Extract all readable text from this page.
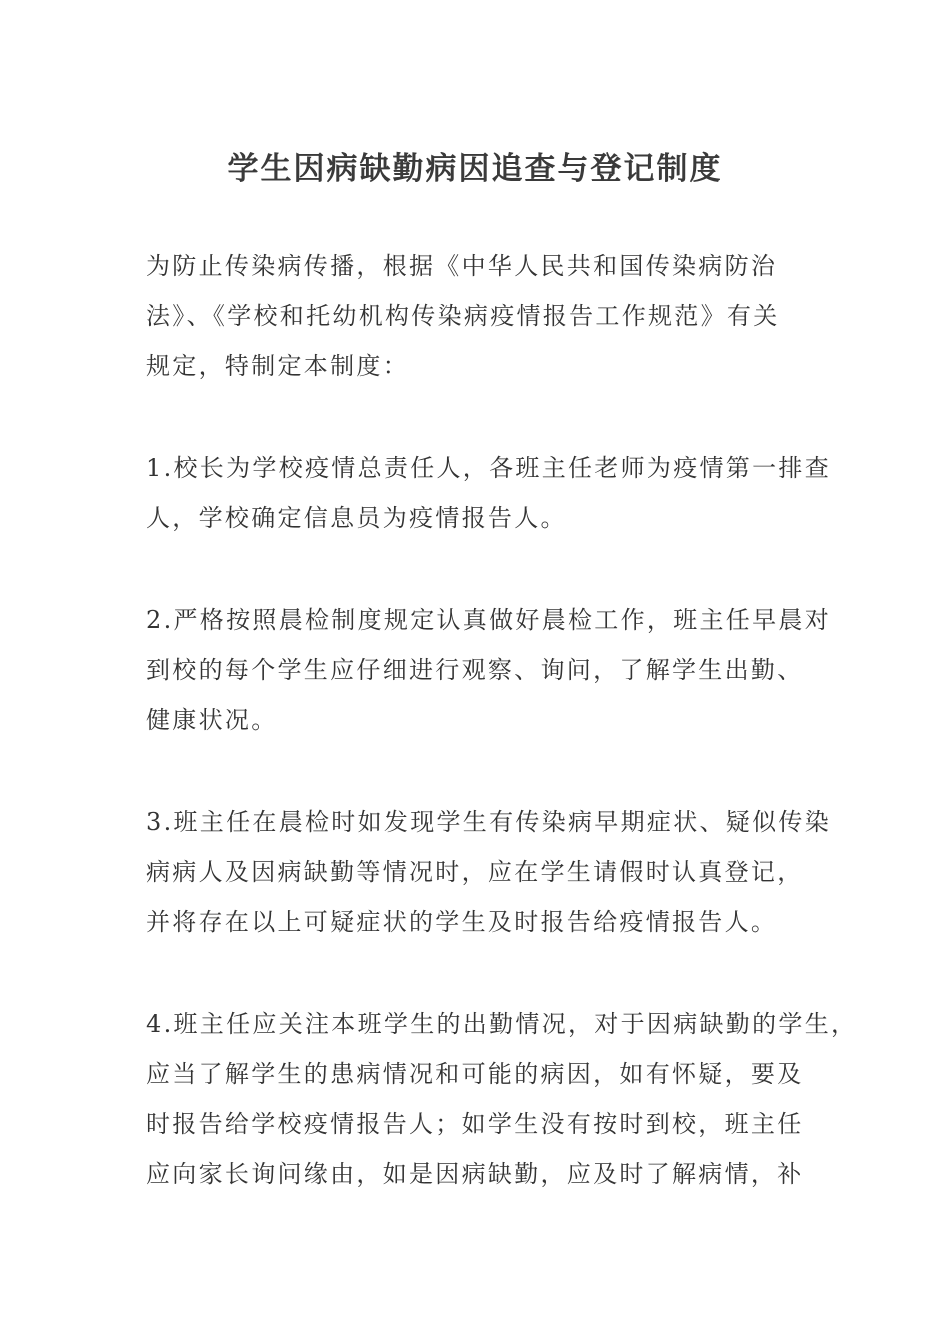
学生因病缺勤病因追查与登记制度
为防止传染病传播，根据《中华人民共和国传染病防治
法》、《学校和托幼机构传染病疫情报告工作规范》有关
规定，特制定本制度：
1.校长为学校疫情总责任人，各班主任老师为疫情第一排查
人，学校确定信息员为疫情报告人。
2.严格按照晨检制度规定认真做好晨检工作，班主任早晨对
到校的每个学生应仔细进行观察、询问，了解学生出勤、
健康状况。
3.班主任在晨检时如发现学生有传染病早期症状、疑似传染
病病人及因病缺勤等情况时，应在学生请假时认真登记，
并将存在以上可疑症状的学生及时报告给疫情报告人。
4.班主任应关注本班学生的出勤情况，对于因病缺勤的学生，
应当了解学生的患病情况和可能的病因，如有怀疑，要及
时报告给学校疫情报告人；如学生没有按时到校，班主任
应向家长询问缘由，如是因病缺勤，应及时了解病情，补
